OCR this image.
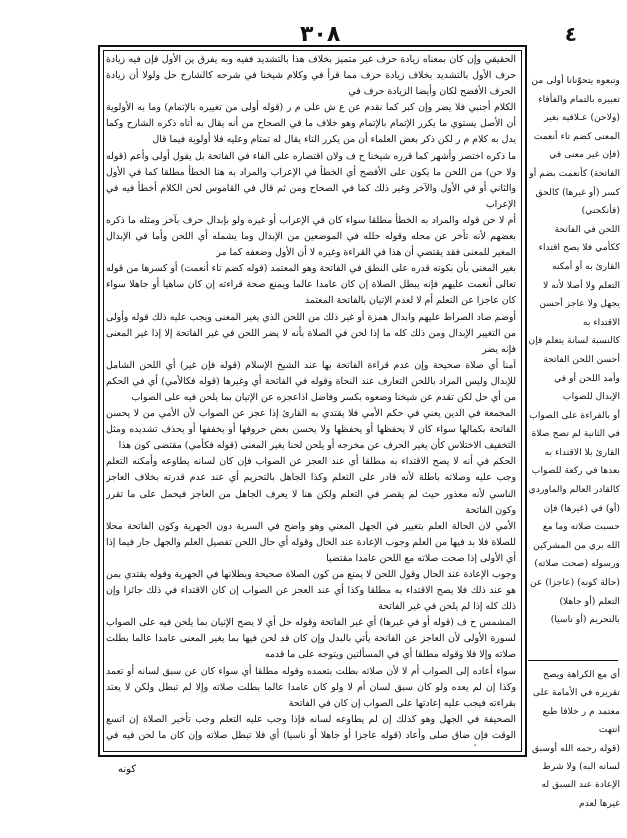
٤
٣٠٨

الحقيقي وإن كان بمعناه زيادة حرف غير متميز بخلاف هذا بالتشديد ففيه وبه يفرق ين الأول فإن فيه زيادة حرف الأول بالتشديد بخلاف زيادة حرف مما قرأ في وكلام شيخنا في شرحه كالشارح حل ولولا أن زيادة الحرف الأفضح لكان وأيضا الزيادة حرف في

الكلام أجنبي فلا يضر وإن كبر كما نقدم عن ع ش على م ر (قوله أولى من تغييره بالإتمام) وما به الأولوية أن الأصل يستوي ما يكرر الإتمام بالإتمام وهو خلاف ما في الصحاح من أنه يقال به أتاه ذكره الشارح وكما يدل به كلام م ر لكن ذكر بعض العلماء أن من يكرر التاء يقال له تمتام وعليه فلا أولوية فيما قال

ما ذكره اختصر وأشهر كما قرره شيخنا ح ف ولان اقتصاره على الفاء في الفاتحة بل يقول أولى وأعم (قوله ولا حن) من اللحن ما يكون على الأفصح أي الخطأ في الإعراب والمراد به هنا الخطأ مطلقا كما في الأول والثاني أو في الأول والآخر وغير ذلك كما في الصحاح ومن ثم قال في القاموس لحن الكلام أخطأ فيه في الإعراب

أم لا حن قوله والمراد به الخطأ مطلقا سواء كان في الإعراب أو غيره ولو بإبدال حرف بآخر ومثله ما ذكره بعضهم لأنه تأخر عن محله وقوله حلله في الموضعين من الإبدال وما يشمله أي اللحن وأما في الإبدال المغير للمعنى فقد يقتضي أن هذا في القراءة وغيره لا أن الأول وضعفه كما مر

بغير المعنى بأن بكونه قدره على النطق في الفاتحة وهو المعتمد (قوله كضم تاء أنعمت) أو كسرها من قوله تعالى أنعمت عليهم فإنه يبطل الصلاة إن كان عامدا عالما ويمنع صحة قراءته إن كان ساهيا أو جاهلا سواء كان عاجزا عن التعلم أم لا لعدم الإتيان بالفاتحة المعتمد

أوضم صاد الصراط عليهم وابدال همزة أو غير ذلك من اللحن الذي يغير المعنى ويجب عليه ذلك قوله وأولى من التغيير الإبدال ومن ذلك كله ما إذا لحن في الصلاة بأنه لا يضر اللحن في غير الفاتحة إلا إذا غير المعنى فإنه يضر

آمنا أي صلاة صحيحة وإن عدم قراءة الفاتحة بها عند الشيخ الإسلام (قوله فإن غير) أي اللحن الشامل للإبدال وليس المراد باللحن التعارف عند النحاة وقوله في الفاتحة أي وغيرها (قوله فكالأمي) أي في الحكم من أي حل لكن تقدم عن شيخنا وضعوه بكسر وفاضل اذاعجزه عن الإتيان بما يلحن فيه على الصواب

المجمعة في الدين يعني في حكم الأمي فلا يقتدي به القارئ إذا عجز عن الصواب لأن الأمي من لا يحسن الفاتحة بكمالها سواء كان لا يحفظها أو يحفظها ولا يحسن بعض حروفها أو يخففها أو يحذف تشديده ومثل التخفيف الاختلاس كأن يغير الحرف عن مخرجه أو يلحن لحنا يغير المعنى (قوله فكأمي) مقتضى كون هذا

الحكم في أنه لا يصح الاقتداء به مطلقا أي عند العجز عن الصواب فإن كان لسانه يطاوعه وأمكنه التعلم وجب عليه وصلاته باطلة لأنه قادر على التعلم وكذا الجاهل بالتحريم أي عند عدم قدرته بخلاف العاجز الناسي لأنه معذور حيث لم يقصر في التعلم ولكن هنا لا يعرف الجاهل من العاجز فيحمل على ما تقرر وكون الفاتحة

الأمي لان الحالة العلم بتغيير في الجهل المعني وهو واضح في السرية دون الجهرية وكون الفاتحة محلا للصلاة فلا بد فيها من العلم وجوب الإعادة عند الحال وقوله أي حال اللحن تفصيل العلم والجهل جار فيما إذا أي الأولى إذا صحت صلاته مع اللحن عامدا مقتضيا

وجوب الإعادة عند الحال وقول اللحن لا يمنع من كون الصلاة صحيحة وبطلانها في الجهرية وقوله يقتدي بمن هو عند ذلك فلا يصح الاقتداء به مطلقا وكذا أي عند العجز عن الصواب إن كان الاقتداء في ذلك جائزا وإن ذلك كله إذا لم يلحن في غير الفاتحة

المشمس ح ف (قوله أو في غيرها) أي غير الفاتحة وقوله حل أي لا يصح الإتيان بما يلحن فيه على الصواب لسورة الأولى لأن العاجز عن الفاتحة يأتي بالبدل وإن كان قد لحن فيها بما يغير المعنى عامدا عالما بطلت صلاته وإلا فلا وقوله مطلقا أي في المسألتين ويتوجه على ما قدمه

سواء أعاده إلى الصواب أم لا لأن صلاته بطلت بتعمده وقوله مطلقا أي سواء كان عن سبق لسانه أو تعمد وكذا إن لم يعده ولو كان سبق لسان أم لا ولو كان عامدا عالما بطلت صلاته وإلا لم تبطل ولكن لا يعتد بقراءته فيجب عليه إعادتها على الصواب إن كان في الفاتحة

الصحيفة في الجهل وهو كذلك إن لم يطاوعه لسانه فإذا وجب عليه التعلم وجب تأخير الصلاة إن اتسع الوقت فإن ضاق صلى وأعاد (قوله عاجزا أو جاهلا أو ناسيا) أي فلا تبطل صلاته وإن كان ما لحن فيه في

وتبعوه يتحوّنانا أولى من تعبيره بالتمام والفأفاء

(ولاحن) عـلافيه بغير المعنى كضم تاء أنعمت (فإن غير معنى في الفاتحة) كأنعمت بضم أو كسر (أو غيرها) كالحق (فأنكحني)

اللحن في الفاتحة ككأمي فلا يصح اقتداء القارئ به أو أمكنه التعلم ولا أصلا لأنه لا يجهل ولا عاجز أحسن الاقتداء به

كالنسبة لسانة يتعلم فإن أحسن اللحن الفاتحة وأمد اللحن أو في الإبدال للصواب

أو بالقراءة على الصواب في الثانية لم تصح صلاة القارئ بلا الاقتداء به بعدها في ركعة للصواب

كالقادر العالم والماوردي (أو) في (غيرها) فإن حسبت صلاته وما مع

الله بري من المشركين ورسوله (صحت صلاته) (حالة كونه) (عاجزا) عن التعلم (أو جاهلا) بالتحريم (أو ناسيا)

أي مع الكراهة ويصح تقريره في الأمامة على معتمد م ر خلافا طبع انتهت

(قوله رحمه الله أوسبق لسانه البه) ولا شرط الإعادة عند السبق له غيرها لعدم

كونه
